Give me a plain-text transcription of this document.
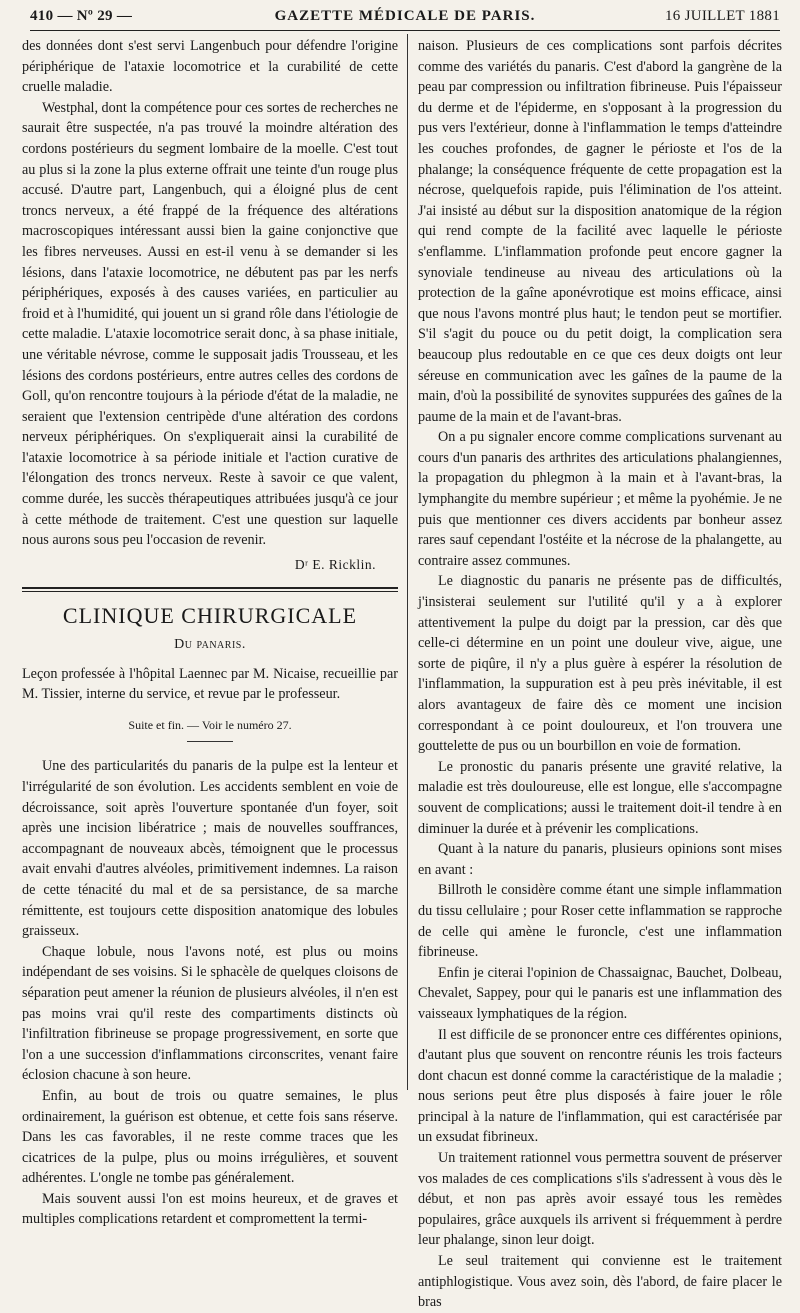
410 — Nº 29 —	GAZETTE MÉDICALE DE PARIS.	16 JUILLET 1881

des données dont s'est servi Langenbuch pour défendre l'origine périphérique de l'ataxie locomotrice et la curabilité de cette cruelle maladie.

Westphal, dont la compétence pour ces sortes de recherches ne saurait être suspectée, n'a pas trouvé la moindre altération des cordons postérieurs du segment lombaire de la moelle. C'est tout au plus si la zone la plus externe offrait une teinte d'un rouge plus accusé. D'autre part, Langenbuch, qui a éloigné plus de cent troncs nerveux, a été frappé de la fréquence des altérations macroscopiques intéressant aussi bien la gaine conjonctive que les fibres nerveuses. Aussi en est-il venu à se demander si les lésions, dans l'ataxie locomotrice, ne débutent pas par les nerfs périphériques, exposés à des causes variées, en particulier au froid et à l'humidité, qui jouent un si grand rôle dans l'étiologie de cette maladie. L'ataxie locomotrice serait donc, à sa phase initiale, une véritable névrose, comme le supposait jadis Trousseau, et les lésions des cordons postérieurs, entre autres celles des cordons de Goll, qu'on rencontre toujours à la période d'état de la maladie, ne seraient que l'extension centripède d'une altération des cordons nerveux périphériques. On s'expliquerait ainsi la curabilité de l'ataxie locomotrice à sa période initiale et l'action curative de l'élongation des troncs nerveux. Reste à savoir ce que valent, comme durée, les succès thérapeutiques attribuées jusqu'à ce jour à cette méthode de traitement. C'est une question sur laquelle nous aurons sous peu l'occasion de revenir.

Dʳ E. Ricklin.
CLINIQUE CHIRURGICALE
Du panaris.

Leçon professée à l'hôpital Laennec par M. Nicaise, recueillie par M. Tissier, interne du service, et revue par le professeur.

Suite et fin. — Voir le numéro 27.

Une des particularités du panaris de la pulpe est la lenteur et l'irrégularité de son évolution. Les accidents semblent en voie de décroissance, soit après l'ouverture spontanée d'un foyer, soit après une incision libératrice ; mais de nouvelles souffrances, accompagnant de nouveaux abcès, témoignent que le processus avait envahi d'autres alvéoles, primitivement indemnes. La raison de cette ténacité du mal et de sa persistance, de sa marche rémittente, est toujours cette disposition anatomique des lobules graisseux.

Chaque lobule, nous l'avons noté, est plus ou moins indépendant de ses voisins. Si le sphacèle de quelques cloisons de séparation peut amener la réunion de plusieurs alvéoles, il n'en est pas moins vrai qu'il reste des compartiments distincts où l'infiltration fibrineuse se propage progressivement, en sorte que l'on a une succession d'inflammations circonscrites, venant faire éclosion chacune à son heure.

Enfin, au bout de trois ou quatre semaines, le plus ordinairement, la guérison est obtenue, et cette fois sans réserve. Dans les cas favorables, il ne reste comme traces que les cicatrices de la pulpe, plus ou moins irrégulières, et souvent adhérentes. L'ongle ne tombe pas généralement.

Mais souvent aussi l'on est moins heureux, et de graves et multiples complications retardent et compromettent la termi-

naison. Plusieurs de ces complications sont parfois décrites comme des variétés du panaris. C'est d'abord la gangrène de la peau par compression ou infiltration fibrineuse. Puis l'épaisseur du derme et de l'épiderme, en s'opposant à la progression du pus vers l'extérieur, donne à l'inflammation le temps d'atteindre les couches profondes, de gagner le périoste et l'os de la phalange; la conséquence fréquente de cette propagation est la nécrose, quelquefois rapide, puis l'élimination de l'os atteint. J'ai insisté au début sur la disposition anatomique de la région qui rend compte de la facilité avec laquelle le périoste s'enflamme. L'inflammation profonde peut encore gagner la synoviale tendineuse au niveau des articulations où la protection de la gaîne aponévrotique est moins efficace, ainsi que nous l'avons montré plus haut; le tendon peut se mortifier. S'il s'agit du pouce ou du petit doigt, la complication sera beaucoup plus redoutable en ce que ces deux doigts ont leur séreuse en communication avec les gaînes de la paume de la main, d'où la possibilité de synovites suppurées des gaînes de la paume de la main et de l'avant-bras.

On a pu signaler encore comme complications survenant au cours d'un panaris des arthrites des articulations phalangiennes, la propagation du phlegmon à la main et à l'avant-bras, la lymphangite du membre supérieur ; et même la pyohémie. Je ne puis que mentionner ces divers accidents par bonheur assez rares sauf cependant l'ostéite et la nécrose de la phalangette, au contraire assez communes.

Le diagnostic du panaris ne présente pas de difficultés, j'insisterai seulement sur l'utilité qu'il y a à explorer attentivement la pulpe du doigt par la pression, car dès que celle-ci détermine en un point une douleur vive, aigue, une sorte de piqûre, il n'y a plus guère à espérer la résolution de l'inflammation, la suppuration est à peu près inévitable, il est alors avantageux de faire dès ce moment une incision correspondant à ce point douloureux, et l'on trouvera une gouttelette de pus ou un bourbillon en voie de formation.

Le pronostic du panaris présente une gravité relative, la maladie est très douloureuse, elle est longue, elle s'accompagne souvent de complications; aussi le traitement doit-il tendre à en diminuer la durée et à prévenir les complications.

Quant à la nature du panaris, plusieurs opinions sont mises en avant :

Billroth le considère comme étant une simple inflammation du tissu cellulaire ; pour Roser cette inflammation se rapproche de celle qui amène le furoncle, c'est une inflammation fibrineuse.

Enfin je citerai l'opinion de Chassaignac, Bauchet, Dolbeau, Chevalet, Sappey, pour qui le panaris est une inflammation des vaisseaux lymphatiques de la région.

Il est difficile de se prononcer entre ces différentes opinions, d'autant plus que souvent on rencontre réunis les trois facteurs dont chacun est donné comme la caractéristique de la maladie ; nous serions peut être plus disposés à faire jouer le rôle principal à la nature de l'inflammation, qui est caractérisée par un exsudat fibrineux.

Un traitement rationnel vous permettra souvent de préserver vos malades de ces complications s'ils s'adressent à vous dès le début, et non pas après avoir essayé tous les remèdes populaires, grâce auxquels ils arrivent si fréquemment à perdre leur phalange, sinon leur doigt.

Le seul traitement qui convienne est le traitement antiphlogistique. Vous avez soin, dès l'abord, de faire placer le bras
